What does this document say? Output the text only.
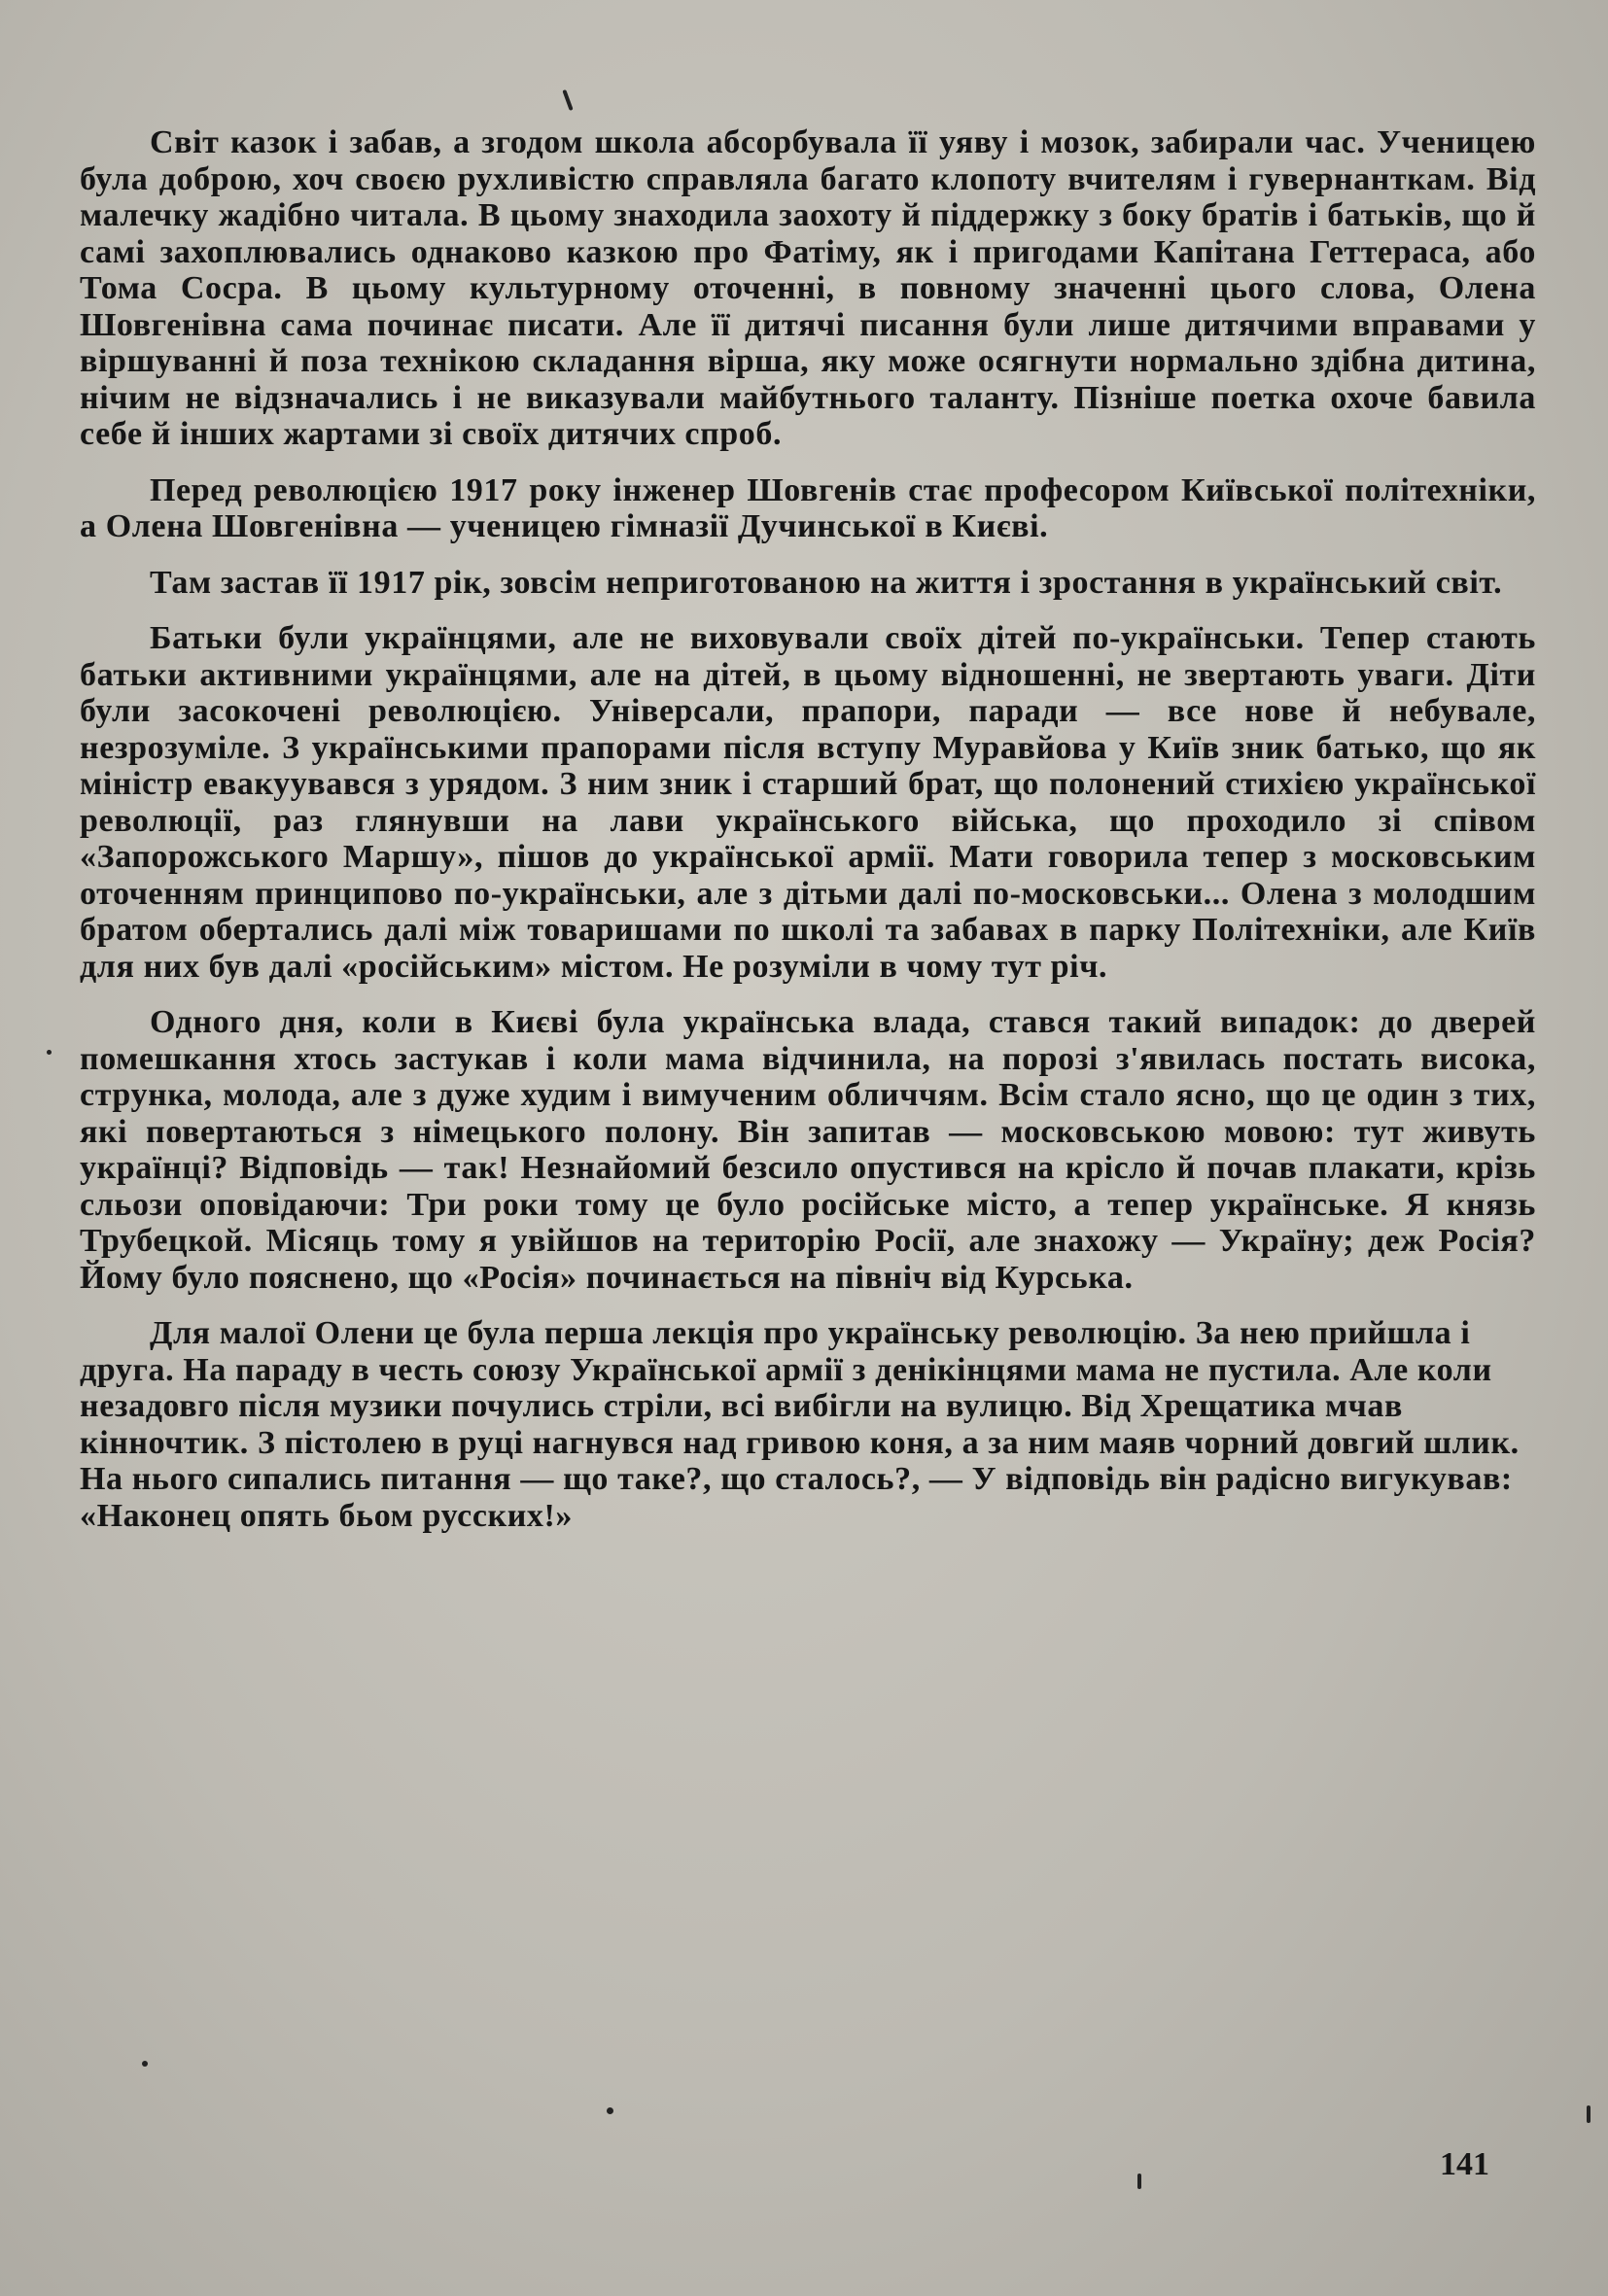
Світ казок і забав, а згодом школа абсорбувала її уяву і мозок, забирали час. Ученицею була доброю, хоч своєю рухливістю справляла багато клопоту вчителям і гувернанткам. Від малечку жадібно читала. В цьому знаходила заохоту й піддержку з боку братів і батьків, що й самі захоплювались однаково казкою про Фатіму, як і пригодами Капітана Геттераса, або Тома Сосра. В цьому культурному оточенні, в повному значенні цього слова, Олена Шовгенівна сама починає писати. Але її дитячі писання були лише дитячими вправами у віршуванні й поза технікою складання вірша, яку може осягнути нормально здібна дитина, нічим не відзначались і не виказували майбутнього таланту. Пізніше поетка охоче бавила себе й інших жартами зі своїх дитячих спроб.

Перед революцією 1917 року інженер Шовгенів стає професором Київської політехніки, а Олена Шовгенівна — ученицею гімназії Дучинської в Києві.

Там застав її 1917 рік, зовсім неприготованою на життя і зростання в український світ.

Батьки були українцями, але не виховували своїх дітей по-українськи. Тепер стають батьки активними українцями, але на дітей, в цьому відношенні, не звертають уваги. Діти були засокочені революцією. Універсали, прапори, паради — все нове й небувале, незрозуміле. З українськими прапорами після вступу Муравйова у Київ зник батько, що як міністр евакуувався з урядом. З ним зник і старший брат, що полонений стихією української революції, раз глянувши на лави українського війська, що проходило зі співом «Запорожського Маршу», пішов до української армії. Мати говорила тепер з московським оточенням принципово по-українськи, але з дітьми далі по-московськи... Олена з молодшим братом обертались далі між товаришами по школі та забавах в парку Політехніки, але Київ для них був далі «російським» містом. Не розуміли в чому тут річ.

Одного дня, коли в Києві була українська влада, стався такий випадок: до дверей помешкання хтось застукав і коли мама відчинила, на порозі з'явилась постать висока, струнка, молода, але з дуже худим і вимученим обличчям. Всім стало ясно, що це один з тих, які повертаються з німецького полону. Він запитав — московською мовою: тут живуть українці? Відповідь — так! Незнайомий безсило опустився на крісло й почав плакати, крізь сльози оповідаючи: Три роки тому це було російське місто, а тепер українське. Я князь Трубецкой. Місяць тому я увійшов на територію Росії, але знахожу — Україну; деж Росія? Йому було пояснено, що «Росія» починається на північ від Курська.

Для малої Олени це була перша лекція про українську революцію. За нею прийшла і друга. На параду в честь союзу Української армії з денікінцями мама не пустила. Але коли незадовго після музики почулись стріли, всі вибігли на вулицю. Від Хрещатика мчав кінночтик. З пістолею в руці нагнувся над гривою коня, а за ним маяв чорний довгий шлик. На нього сипались питання — що таке?, що сталось?, — У відповідь він радісно вигукував: «Наконец опять бьом русских!»

141
